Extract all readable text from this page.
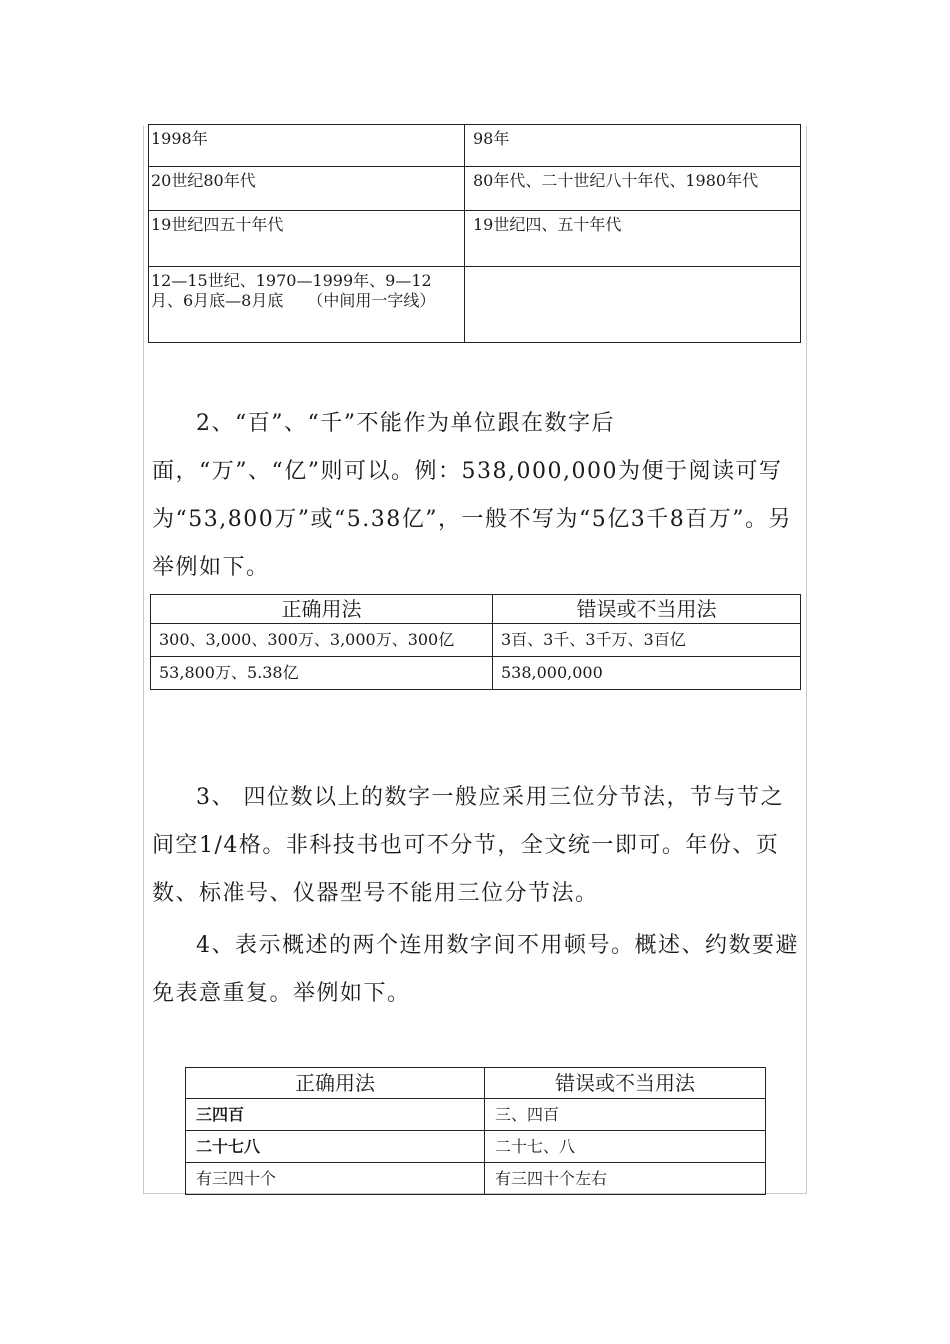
1998年	98年
20世纪80年代	80年代、二十世纪八十年代、1980年代
19世纪四五十年代	19世纪四、五十年代
12—15世纪、1970—1999年、9—12月、6月底—8月底　　（中间用一字线）	

2、“百”、“千”不能作为单位跟在数字后面，“万”、“亿”则可以。例：538,000,000为便于阅读可写为“53,800万”或“5.38亿”，一般不写为“5亿3千8百万”。另举例如下。

正确用法	错误或不当用法
300、3,000、300万、3,000万、300亿	3百、3千、3千万、3百亿
53,800万、5.38亿	538,000,000

3、 四位数以上的数字一般应采用三位分节法，节与节之间空1/4格。非科技书也可不分节，全文统一即可。年份、页数、标准号、仪器型号不能用三位分节法。

4、表示概述的两个连用数字间不用顿号。概述、约数要避免表意重复。举例如下。

正确用法	错误或不当用法
三四百	三、四百
二十七八	二十七、八
有三四十个	有三四十个左右
